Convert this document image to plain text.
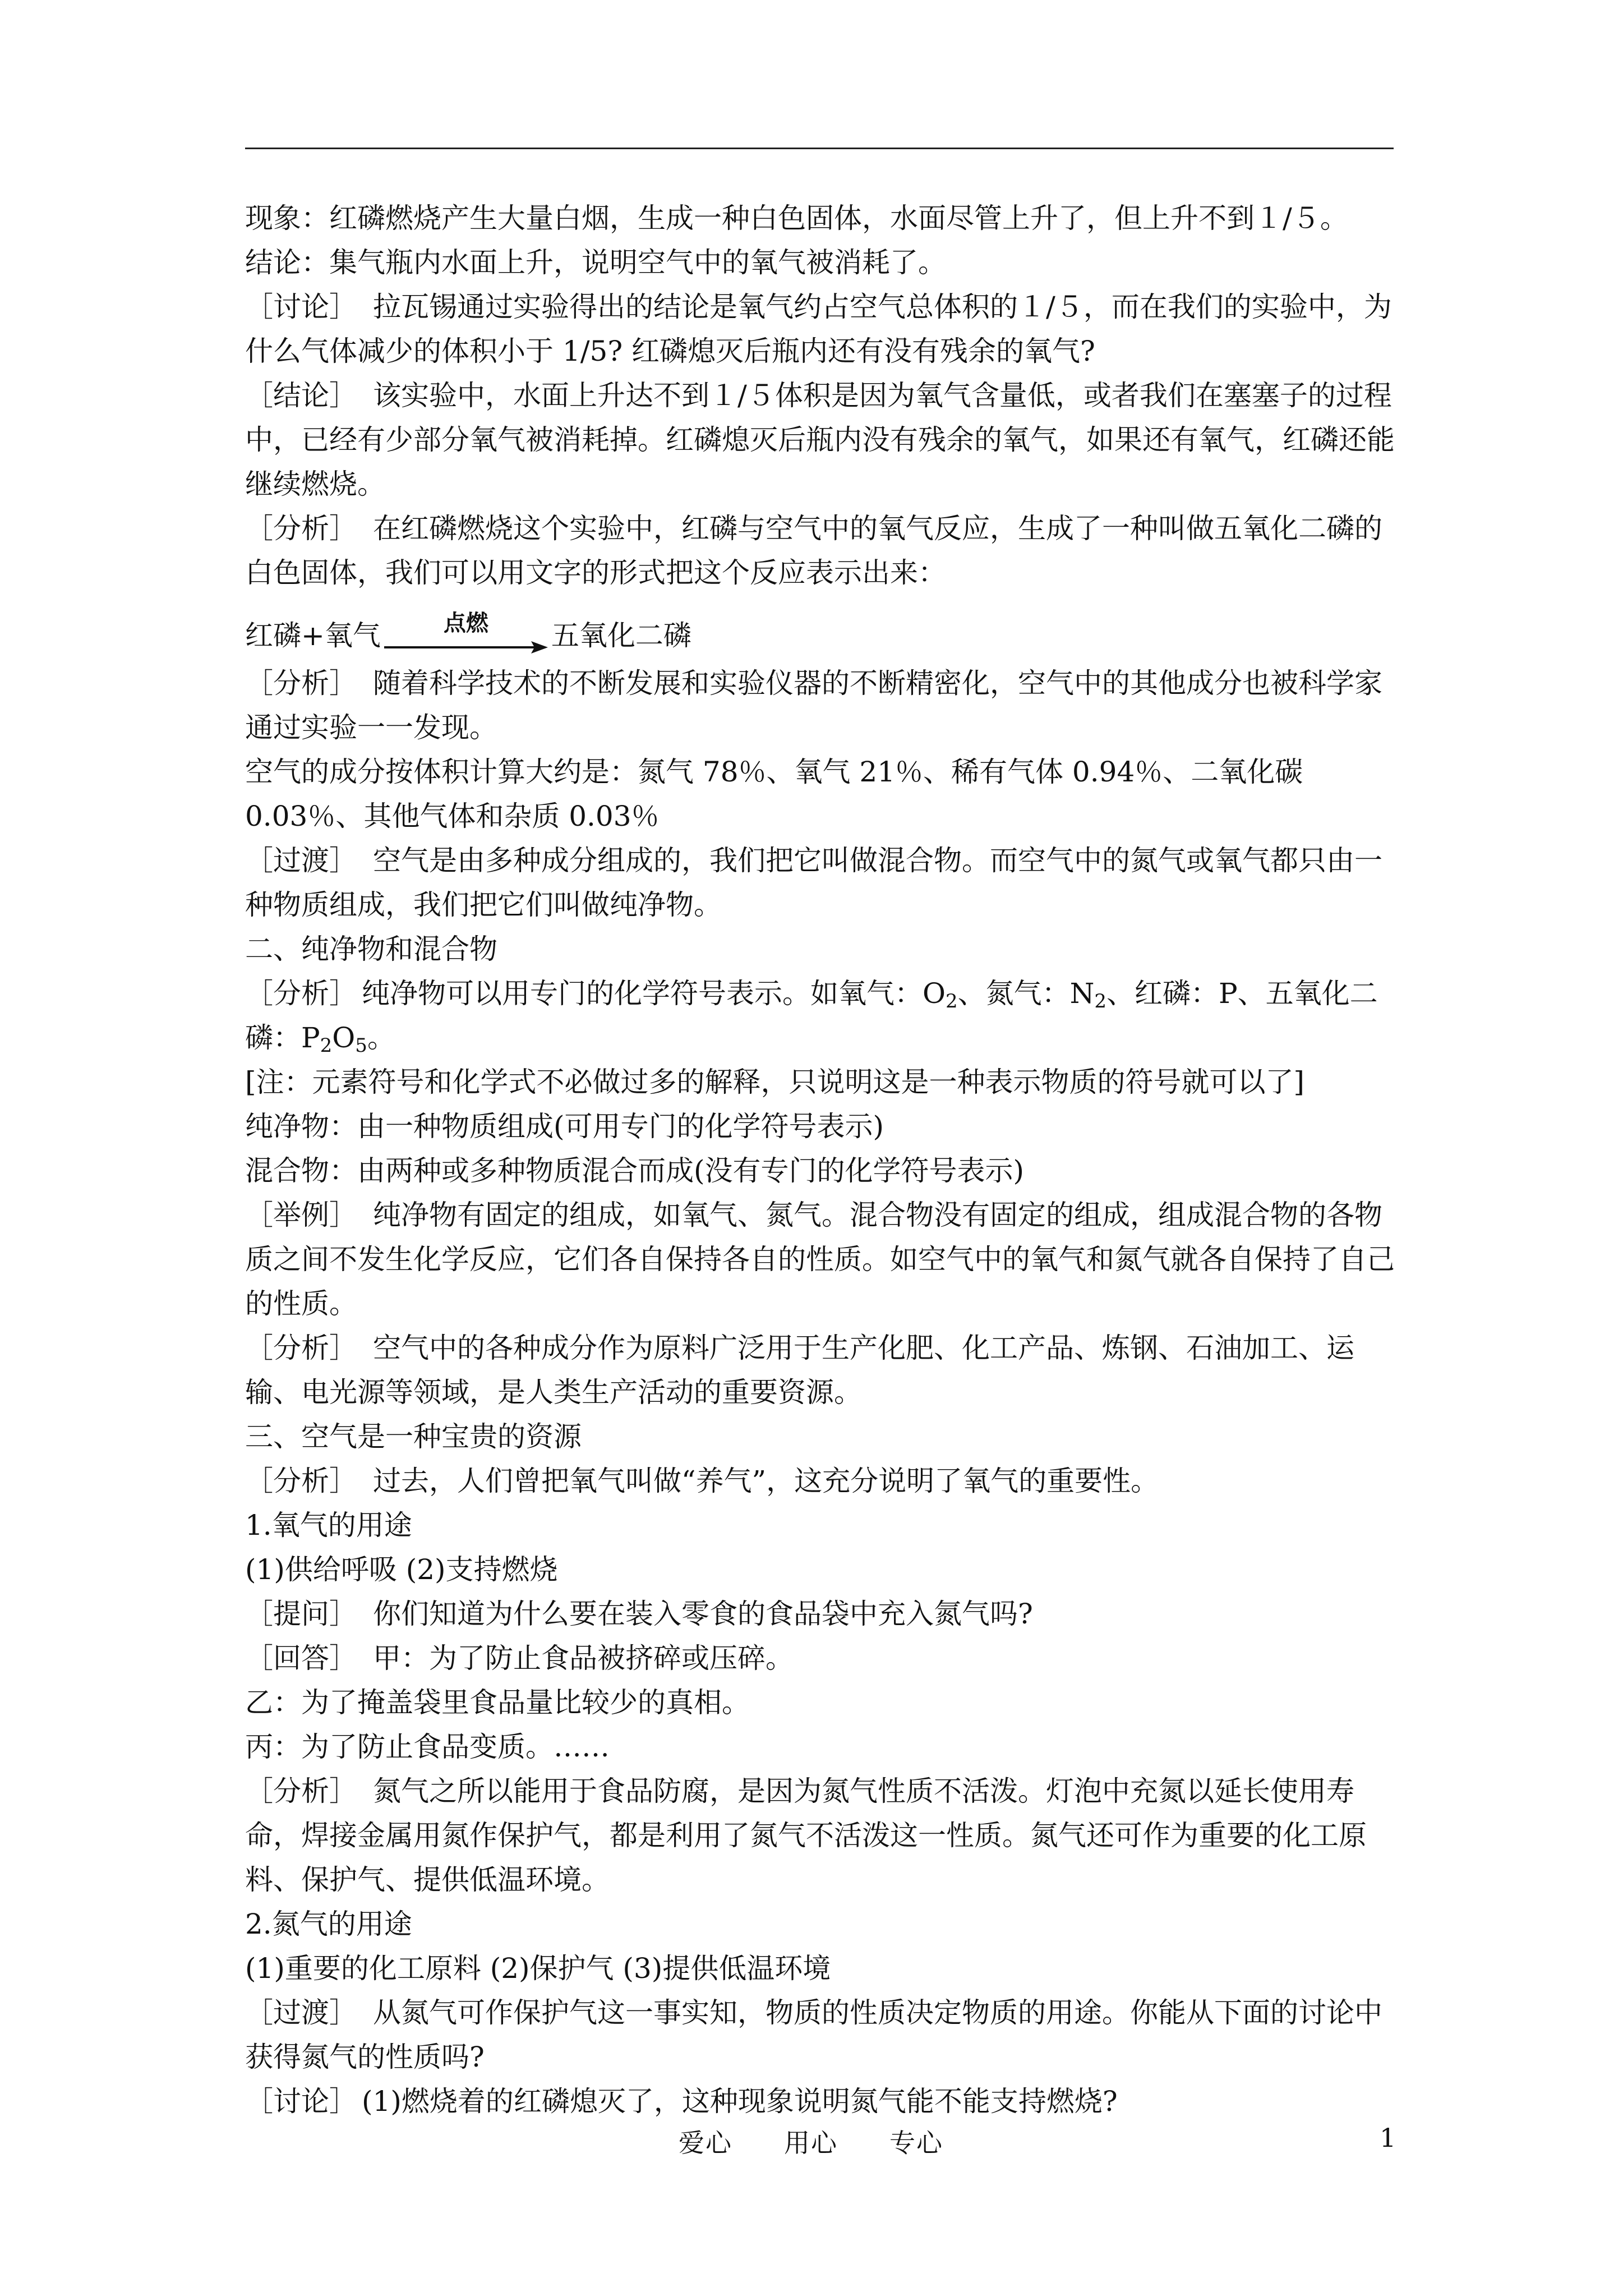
现象：红磷燃烧产生大量白烟，生成一种白色固体，水面尽管上升了，但上升不到１/５。

结论：集气瓶内水面上升，说明空气中的氧气被消耗了。

［讨论］ 拉瓦锡通过实验得出的结论是氧气约占空气总体积的１/５，而在我们的实验中，为什么气体减少的体积小于 1/5? 红磷熄灭后瓶内还有没有残余的氧气?

［结论］ 该实验中，水面上升达不到１/５体积是因为氧气含量低，或者我们在塞塞子的过程中，已经有少部分氧气被消耗掉。红磷熄灭后瓶内没有残余的氧气，如果还有氧气，红磷还能继续燃烧。

［分析］ 在红磷燃烧这个实验中，红磷与空气中的氧气反应，生成了一种叫做五氧化二磷的白色固体，我们可以用文字的形式把这个反应表示出来：

红磷+氧气	点燃	五氧化二磷

［分析］ 随着科学技术的不断发展和实验仪器的不断精密化，空气中的其他成分也被科学家通过实验一一发现。

空气的成分按体积计算大约是：氮气 78％、氧气 21％、稀有气体 0.94％、二氧化碳 0.03％、其他气体和杂质 0.03％

［过渡］ 空气是由多种成分组成的，我们把它叫做混合物。而空气中的氮气或氧气都只由一种物质组成，我们把它们叫做纯净物。

二、纯净物和混合物

［分析］ 纯净物可以用专门的化学符号表示。如氧气：$O_2$、氮气：$N_2$、红磷：P、五氧化二磷：$P_2O_5$。

[注：元素符号和化学式不必做过多的解释，只说明这是一种表示物质的符号就可以了]

纯净物：由一种物质组成(可用专门的化学符号表示)

混合物：由两种或多种物质混合而成(没有专门的化学符号表示)

［举例］ 纯净物有固定的组成，如氧气、氮气。混合物没有固定的组成，组成混合物的各物质之间不发生化学反应，它们各自保持各自的性质。如空气中的氧气和氮气就各自保持了自己的性质。

［分析］ 空气中的各种成分作为原料广泛用于生产化肥、化工产品、炼钢、石油加工、运输、电光源等领域，是人类生产活动的重要资源。

三、空气是一种宝贵的资源

［分析］ 过去，人们曾把氧气叫做“养气”，这充分说明了氧气的重要性。

1.氧气的用途

(1)供给呼吸 (2)支持燃烧

［提问］ 你们知道为什么要在装入零食的食品袋中充入氮气吗?

［回答］ 甲：为了防止食品被挤碎或压碎。

乙：为了掩盖袋里食品量比较少的真相。

丙：为了防止食品变质。……

［分析］ 氮气之所以能用于食品防腐，是因为氮气性质不活泼。灯泡中充氮以延长使用寿命，焊接金属用氮作保护气，都是利用了氮气不活泼这一性质。氮气还可作为重要的化工原料、保护气、提供低温环境。

2.氮气的用途

(1)重要的化工原料 (2)保护气 (3)提供低温环境

［过渡］ 从氮气可作保护气这一事实知，物质的性质决定物质的用途。你能从下面的讨论中获得氮气的性质吗?

［讨论］ (1)燃烧着的红磷熄灭了，这种现象说明氮气能不能支持燃烧?

爱心 用心 专心	1
